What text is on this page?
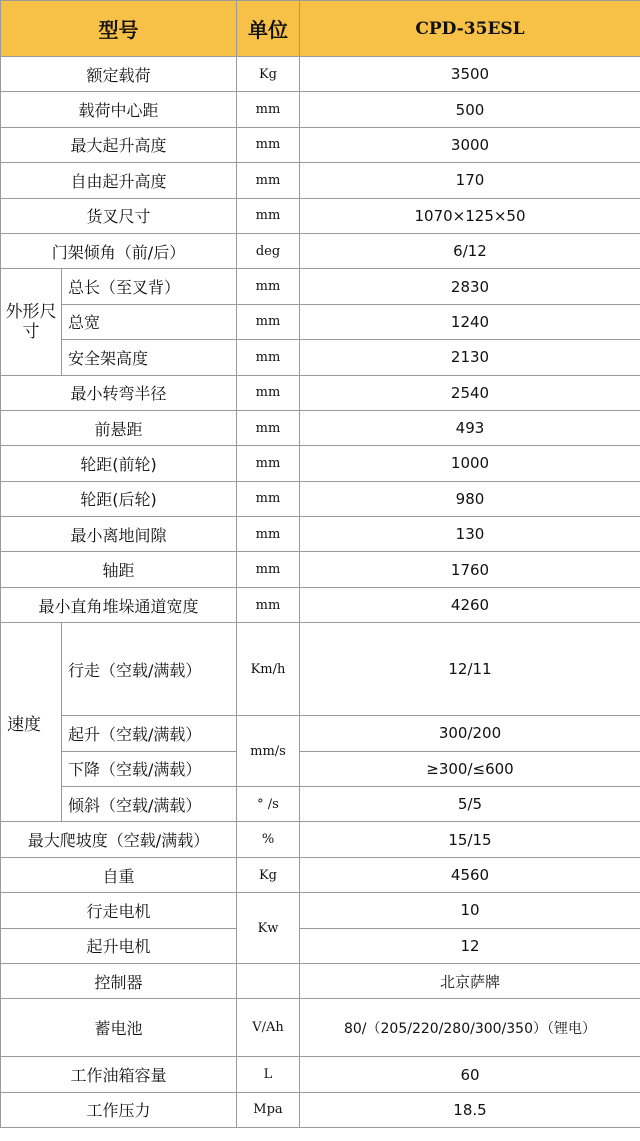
型号		单位	CPD-35ESL
额定载荷		Kg	3500
载荷中心距		mm	500
最大起升高度		mm	3000
自由起升高度		mm	170
货叉尺寸		mm	1070×125×50
门架倾角（前/后）		deg	6/12
外形尺寸	总长（至叉背）	mm	2830
	总宽	mm	1240
	安全架高度	mm	2130
最小转弯半径		mm	2540
前悬距		mm	493
轮距(前轮)		mm	1000
轮距(后轮)		mm	980
最小离地间隙		mm	130
轴距		mm	1760
最小直角堆垛通道宽度		mm	4260
速度	行走（空载/满载）	Km/h	12/11
	起升（空载/满载）	mm/s	300/200
	下降（空载/满载）		≥300/≤600
	倾斜（空载/满载）	° /s	5/5
最大爬坡度（空载/满载）		%	15/15
自重		Kg	4560
行走电机		Kw	10
起升电机			12
控制器			北京萨牌
蓄电池		V/Ah	80/（205/220/280/300/350）（锂电）
工作油箱容量		L	60
工作压力		Mpa	18.5
